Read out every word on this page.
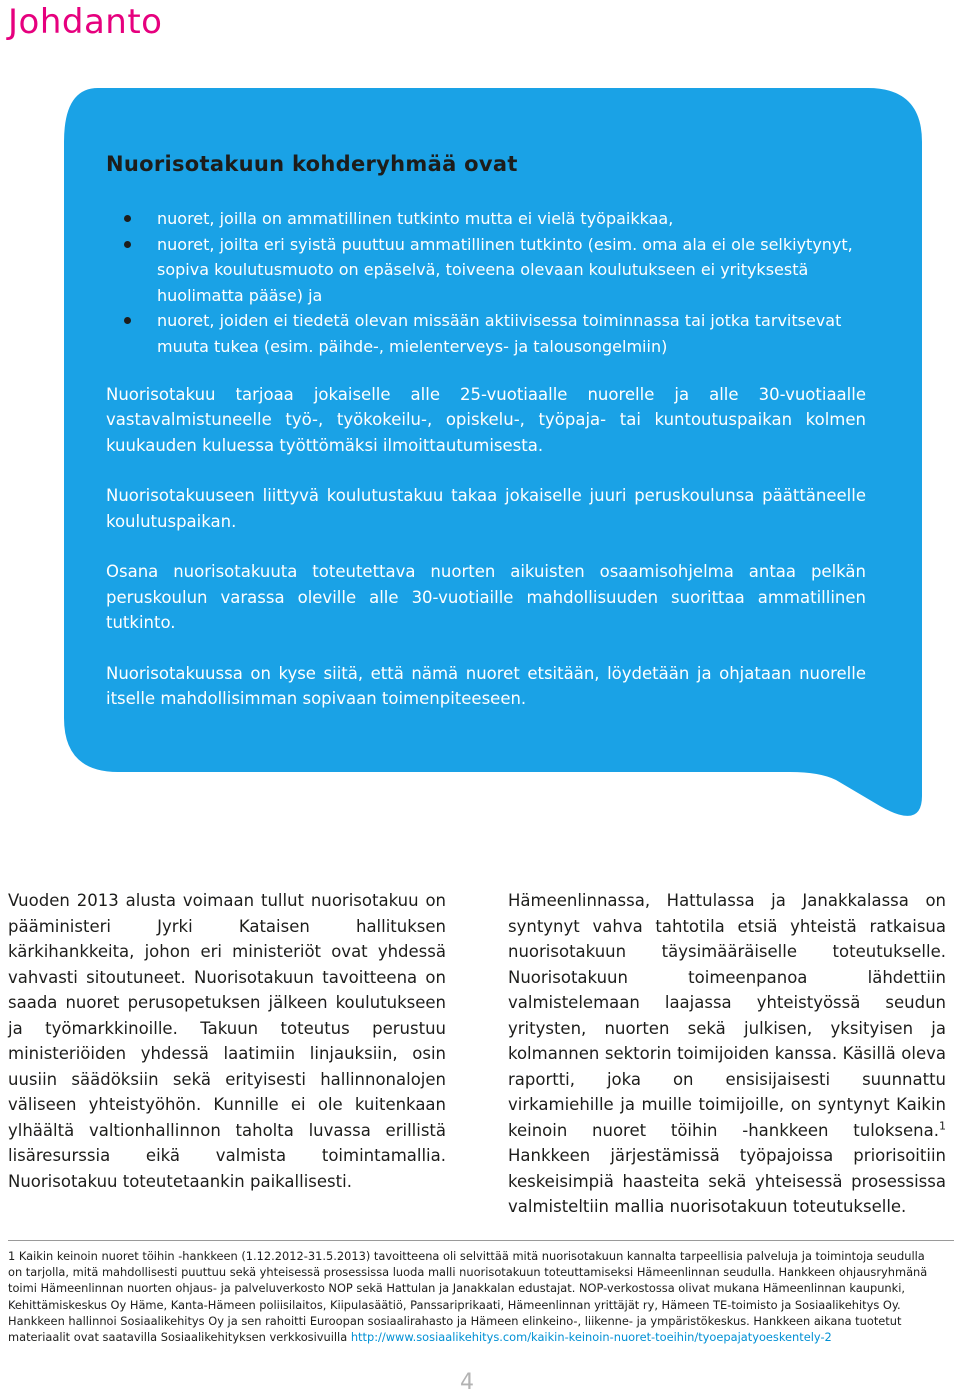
Johdanto
Nuorisotakuun kohderyhmää ovat
nuoret, joilla on ammatillinen tutkinto mutta ei vielä työpaikkaa,
nuoret, joilta eri syistä puuttuu ammatillinen tutkinto (esim. oma ala ei ole selkiytynyt, sopiva koulutusmuoto on epäselvä, toiveena olevaan koulutukseen ei yrityksestä huolimatta pääse) ja
nuoret, joiden ei tiedetä olevan missään aktiivisessa toiminnassa tai jotka tarvitsevat muuta tukea (esim. päihde-, mielenterveys- ja talousongelmiin)

Nuorisotakuu tarjoaa jokaiselle alle 25-vuotiaalle nuorelle ja alle 30-vuotiaalle vastavalmistuneelle työ-, työkokeilu-, opiskelu-, työpaja- tai kuntoutuspaikan kolmen kuukauden kuluessa työttömäksi ilmoittautumisesta.

Nuorisotakuuseen liittyvä koulutustakuu takaa jokaiselle juuri peruskoulunsa päättäneelle koulutuspaikan.

Osana nuorisotakuuta toteutettava nuorten aikuisten osaamisohjelma antaa pelkän peruskoulun varassa oleville alle 30-vuotiaille mahdollisuuden suorittaa ammatillinen tutkinto.

Nuorisotakuussa on kyse siitä, että nämä nuoret etsitään, löydetään ja ohjataan nuorelle itselle mahdollisimman sopivaan toimenpiteeseen.

Vuoden 2013 alusta voimaan tullut nuorisotakuu on pääministeri Jyrki Kataisen hallituksen kärkihankkeita, johon eri ministeriöt ovat yhdessä vahvasti sitoutuneet. Nuorisotakuun tavoitteena on saada nuoret perusopetuksen jälkeen koulutukseen ja työmarkkinoille. Takuun toteutus perustuu ministeriöiden yhdessä laatimiin linjauksiin, osin uusiin säädöksiin sekä erityisesti hallinnonalojen väliseen yhteistyöhön. Kunnille ei ole kuitenkaan ylhäältä valtionhallinnon taholta luvassa erillistä lisäresurssia eikä valmista toimintamallia. Nuorisotakuu toteutetaankin paikallisesti.

Hämeenlinnassa, Hattulassa ja Janakkalassa on syntynyt vahva tahtotila etsiä yhteistä ratkaisua nuorisotakuun täysimääräiselle toteutukselle. Nuorisotakuun toimeenpanoa lähdettiin valmistelemaan laajassa yhteistyössä seudun yritysten, nuorten sekä julkisen, yksityisen ja kolmannen sektorin toimijoiden kanssa. Käsillä oleva raportti, joka on ensisijaisesti suunnattu virkamiehille ja muille toimijoille, on syntynyt Kaikin keinoin nuoret töihin -hankkeen tuloksena.$^1$ Hankkeen järjestämissä työpajoissa priorisoitiin keskeisimpiä haasteita sekä yhteisessä prosessissa valmisteltiin mallia nuorisotakuun toteutukselle.

1 Kaikin keinoin nuoret töihin -hankkeen (1.12.2012-31.5.2013) tavoitteena oli selvittää mitä nuorisotakuun kannalta tarpeellisia palveluja ja toimintoja seudulla on tarjolla, mitä mahdollisesti puuttuu sekä yhteisessä prosessissa luoda malli nuorisotakuun toteuttamiseksi Hämeenlinnan seudulla. Hankkeen ohjausryhmänä toimi Hämeenlinnan nuorten ohjaus- ja palveluverkosto NOP sekä Hattulan ja Janakkalan edustajat. NOP-verkostossa olivat mukana Hämeenlinnan kaupunki, Kehittämiskeskus Oy Häme, Kanta-Hämeen poliisilaitos, Kiipulasäätiö, Panssariprikaati, Hämeenlinnan yrittäjät ry, Hämeen TE-toimisto ja Sosiaalikehitys Oy. Hankkeen hallinnoi Sosiaalikehitys Oy ja sen rahoitti Euroopan sosiaalirahasto ja Hämeen elinkeino-, liikenne- ja ympäristökeskus. Hankkeen aikana tuotetut materiaalit ovat saatavilla Sosiaalikehityksen verkkosivuilla http://www.sosiaalikehitys.com/kaikin-keinoin-nuoret-toeihin/tyoepajatyoeskentely-2

4
